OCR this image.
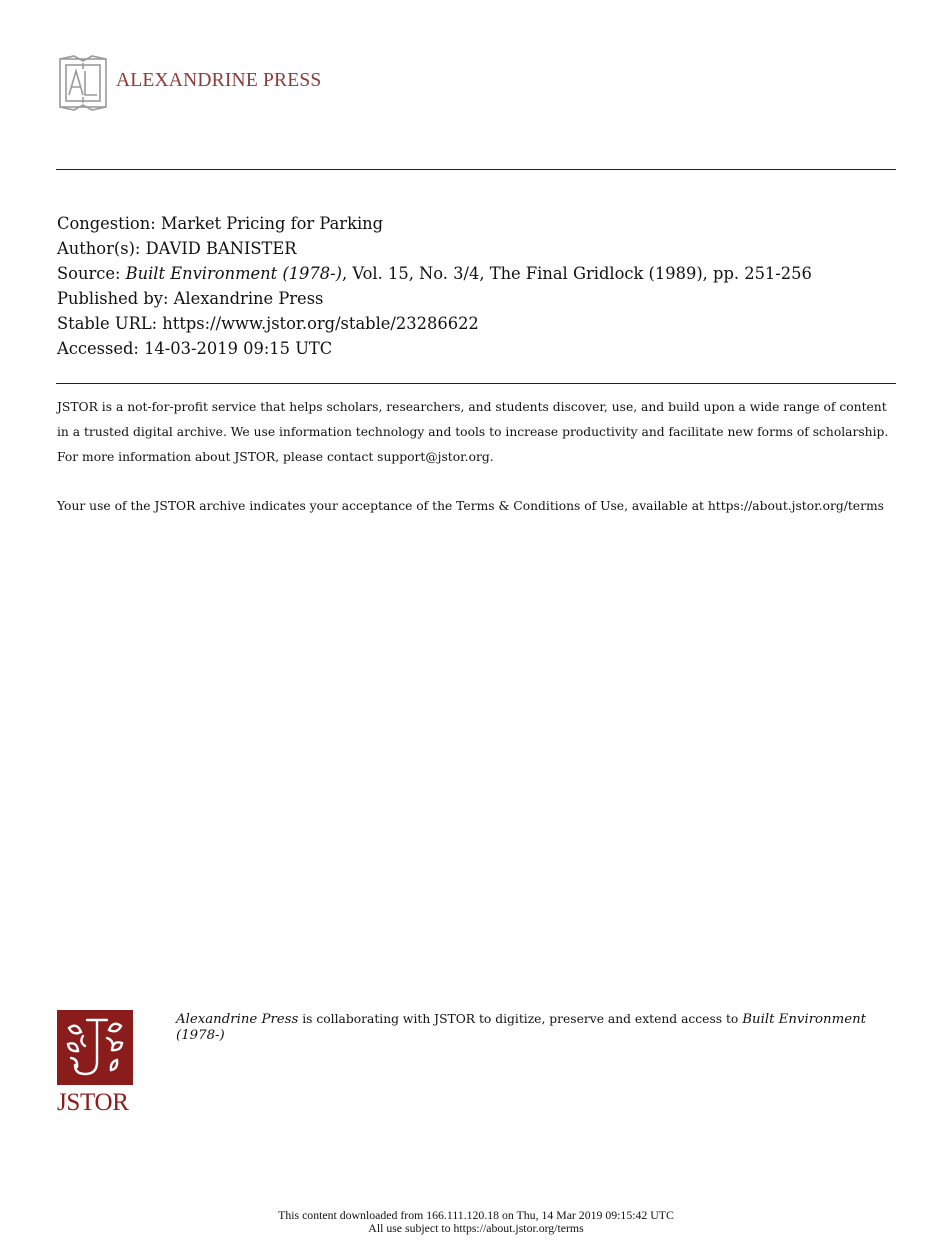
ALEXANDRINE PRESS
Congestion: Market Pricing for Parking
Author(s): DAVID BANISTER
Source: Built Environment (1978-), Vol. 15, No. 3/4, The Final Gridlock (1989), pp. 251-256
Published by: Alexandrine Press
Stable URL: https://www.jstor.org/stable/23286622
Accessed: 14-03-2019 09:15 UTC

JSTOR is a not-for-profit service that helps scholars, researchers, and students discover, use, and build upon a wide range of content in a trusted digital archive. We use information technology and tools to increase productivity and facilitate new forms of scholarship. For more information about JSTOR, please contact support@jstor.org.

Your use of the JSTOR archive indicates your acceptance of the Terms & Conditions of Use, available at https://about.jstor.org/terms

JSTOR
Alexandrine Press is collaborating with JSTOR to digitize, preserve and extend access to Built Environment (1978-)
This content downloaded from 166.111.120.18 on Thu, 14 Mar 2019 09:15:42 UTC
All use subject to https://about.jstor.org/terms
